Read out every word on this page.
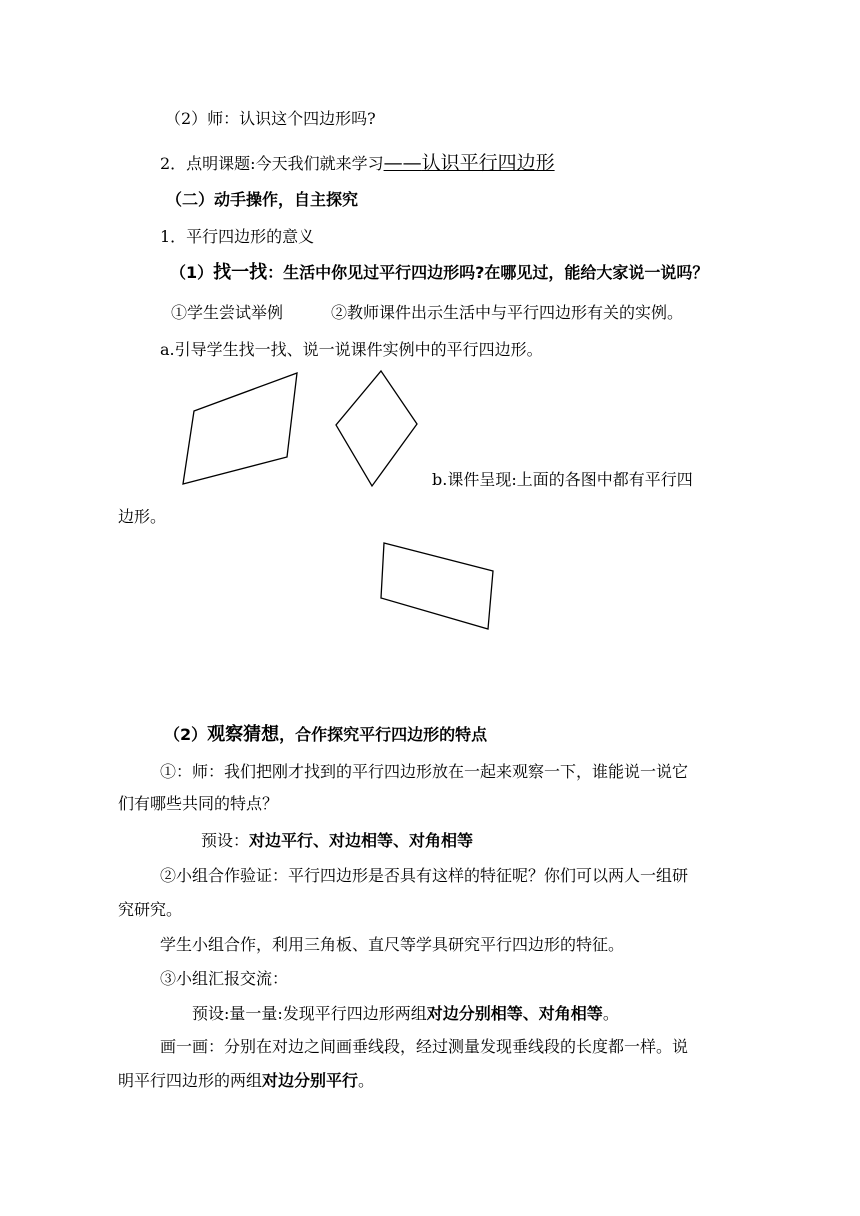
（2）师：认识这个四边形吗?
2．点明课题:今天我们就来学习——认识平行四边形
（二）动手操作，自主探究
1．平行四边形的意义
（1）找一找：生活中你见过平行四边形吗?在哪见过，能给大家说一说吗？
①学生尝试举例	②教师课件出示生活中与平行四边形有关的实例。
a.引导学生找一找、说一说课件实例中的平行四边形。
b.课件呈现:上面的各图中都有平行四
边形。
（2）观察猜想，合作探究平行四边形的特点
①：师：我们把刚才找到的平行四边形放在一起来观察一下，谁能说一说它
们有哪些共同的特点？
预设：对边平行、对边相等、对角相等
②小组合作验证：平行四边形是否具有这样的特征呢？你们可以两人一组研
究研究。
学生小组合作，利用三角板、直尺等学具研究平行四边形的特征。
③小组汇报交流：
预设:量一量:发现平行四边形两组对边分别相等、对角相等。
画一画：分别在对边之间画垂线段，经过测量发现垂线段的长度都一样。说
明平行四边形的两组对边分别平行。
